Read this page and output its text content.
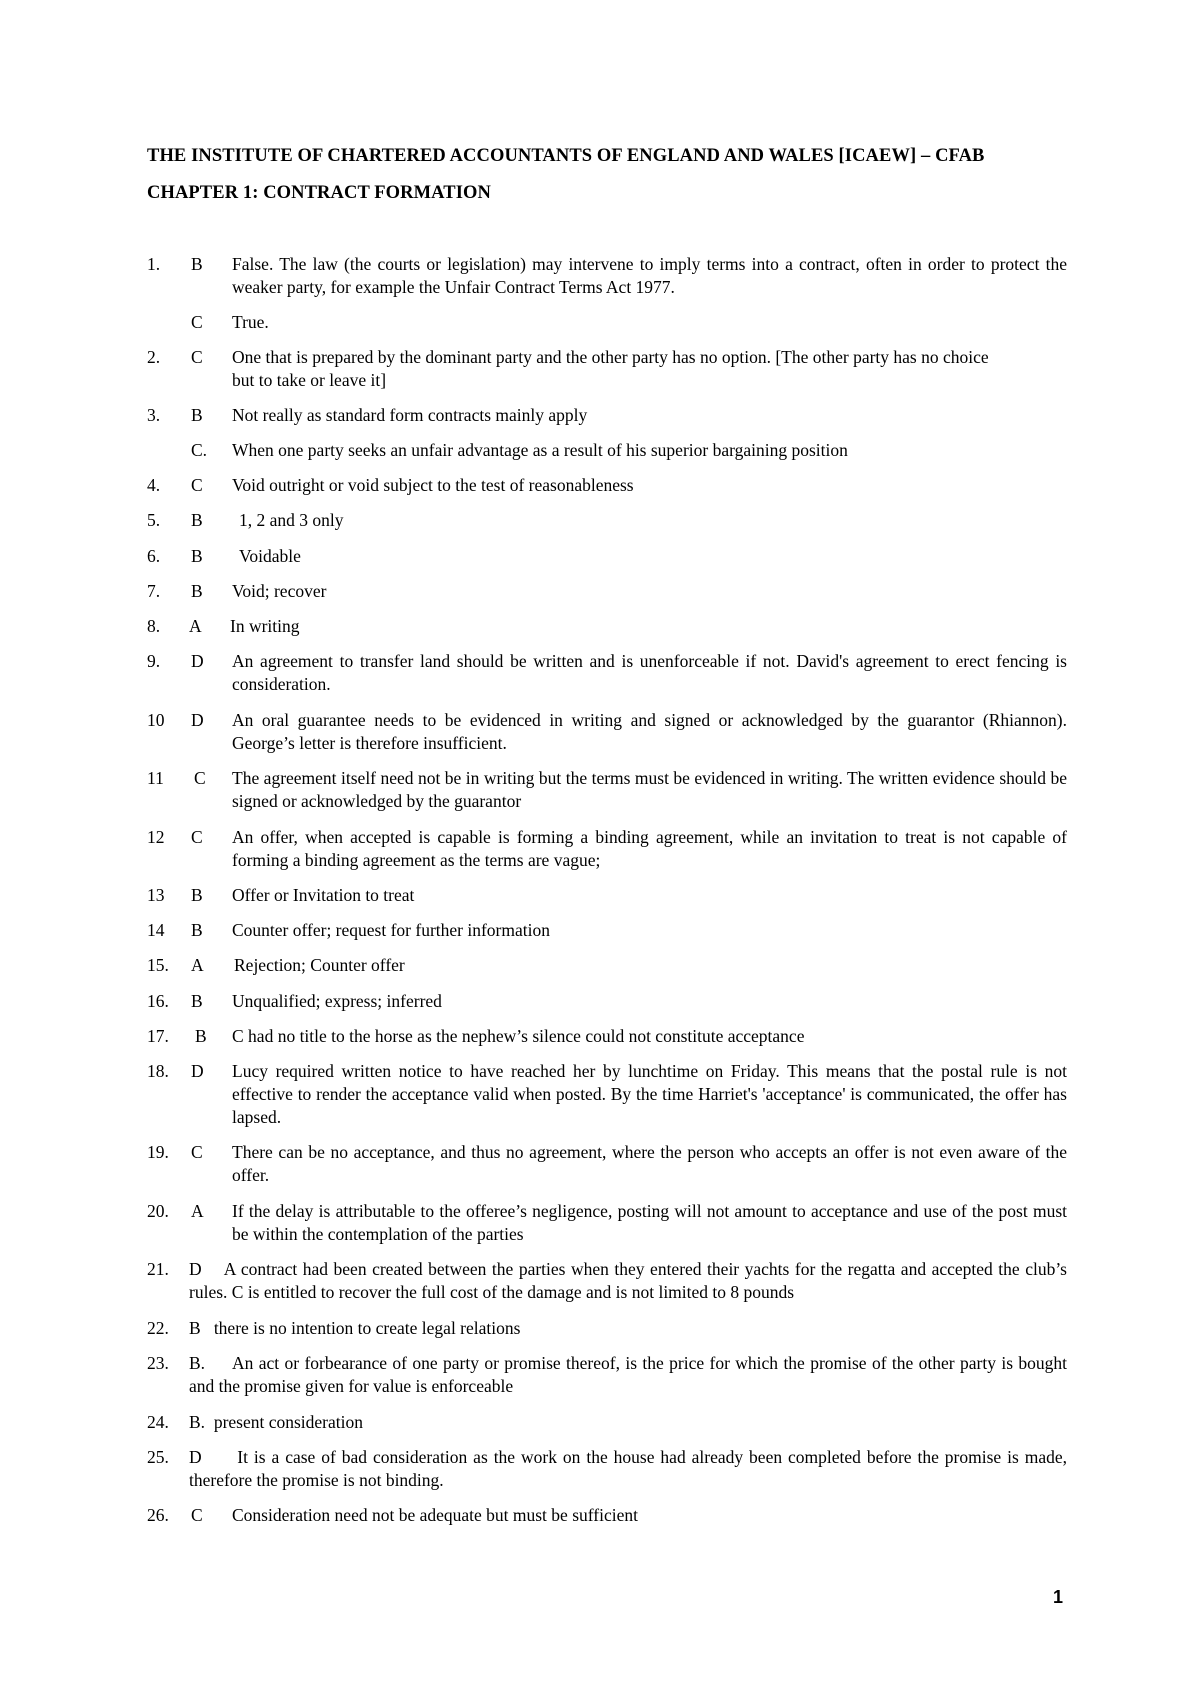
THE INSTITUTE OF CHARTERED ACCOUNTANTS OF ENGLAND AND WALES [ICAEW] – CFAB
CHAPTER 1: CONTRACT FORMATION
1. B False. The law (the courts or legislation) may intervene to imply terms into a contract, often in order to protect the weaker party, for example the Unfair Contract Terms Act 1977.
C True.
2. C One that is prepared by the dominant party and the other party has no option. [The other party has no choice but to take or leave it]
3. B Not really as standard form contracts mainly apply
C. When one party seeks an unfair advantage as a result of his superior bargaining position
4. C Void outright or void subject to the test of reasonableness
5. B 1, 2 and 3 only
6. B Voidable
7. B Void; recover
8. A In writing
9. D An agreement to transfer land should be written and is unenforceable if not. David's agreement to erect fencing is consideration.
10 D An oral guarantee needs to be evidenced in writing and signed or acknowledged by the guarantor (Rhiannon). George’s letter is therefore insufficient.
11 C The agreement itself need not be in writing but the terms must be evidenced in writing. The written evidence should be signed or acknowledged by the guarantor
12 C An offer, when accepted is capable is forming a binding agreement, while an invitation to treat is not capable of forming a binding agreement as the terms are vague;
13 B Offer or Invitation to treat
14 B Counter offer; request for further information
15. A Rejection; Counter offer
16. B Unqualified; express; inferred
17. B C had no title to the horse as the nephew’s silence could not constitute acceptance
18. D Lucy required written notice to have reached her by lunchtime on Friday. This means that the postal rule is not effective to render the acceptance valid when posted. By the time Harriet's 'acceptance' is communicated, the offer has lapsed.
19. C There can be no acceptance, and thus no agreement, where the person who accepts an offer is not even aware of the offer.
20. A If the delay is attributable to the offeree’s negligence, posting will not amount to acceptance and use of the post must be within the contemplation of the parties
21. D A contract had been created between the parties when they entered their yachts for the regatta and accepted the club’s rules. C is entitled to recover the full cost of the damage and is not limited to 8 pounds
22. B there is no intention to create legal relations
23. B. An act or forbearance of one party or promise thereof, is the price for which the promise of the other party is bought and the promise given for value is enforceable
24. B. present consideration
25. D It is a case of bad consideration as the work on the house had already been completed before the promise is made, therefore the promise is not binding.
26. C Consideration need not be adequate but must be sufficient
1
